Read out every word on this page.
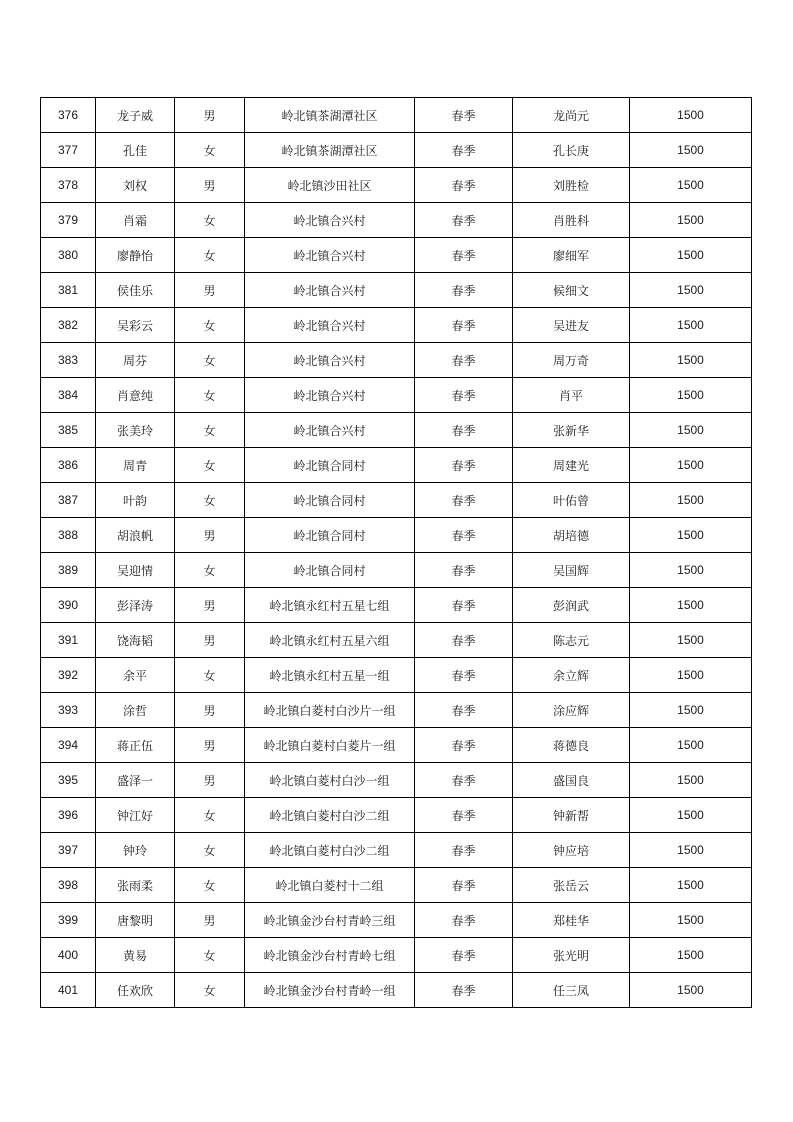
376	龙子威	男	岭北镇茶湖潭社区	春季	龙尚元	1500
377	孔佳	女	岭北镇茶湖潭社区	春季	孔长庚	1500
378	刘权	男	岭北镇沙田社区	春季	刘胜检	1500
379	肖霜	女	岭北镇合兴村	春季	肖胜科	1500
380	廖静怡	女	岭北镇合兴村	春季	廖细军	1500
381	侯佳乐	男	岭北镇合兴村	春季	候细文	1500
382	吴彩云	女	岭北镇合兴村	春季	吴进友	1500
383	周芬	女	岭北镇合兴村	春季	周万奇	1500
384	肖意纯	女	岭北镇合兴村	春季	肖平	1500
385	张美玲	女	岭北镇合兴村	春季	张新华	1500
386	周青	女	岭北镇合同村	春季	周建光	1500
387	叶韵	女	岭北镇合同村	春季	叶佑曾	1500
388	胡浪帆	男	岭北镇合同村	春季	胡培德	1500
389	吴迎情	女	岭北镇合同村	春季	吴国辉	1500
390	彭泽涛	男	岭北镇永红村五星七组	春季	彭润武	1500
391	饶海韬	男	岭北镇永红村五星六组	春季	陈志元	1500
392	余平	女	岭北镇永红村五星一组	春季	余立辉	1500
393	涂哲	男	岭北镇白菱村白沙片一组	春季	涂应辉	1500
394	蒋正伍	男	岭北镇白菱村白菱片一组	春季	蒋德良	1500
395	盛泽一	男	岭北镇白菱村白沙一组	春季	盛国良	1500
396	钟江好	女	岭北镇白菱村白沙二组	春季	钟新帮	1500
397	钟玲	女	岭北镇白菱村白沙二组	春季	钟应培	1500
398	张雨柔	女	岭北镇白菱村十二组	春季	张岳云	1500
399	唐黎明	男	岭北镇金沙台村青岭三组	春季	郑桂华	1500
400	黄易	女	岭北镇金沙台村青岭七组	春季	张光明	1500
401	任欢欣	女	岭北镇金沙台村青岭一组	春季	任三凤	1500
